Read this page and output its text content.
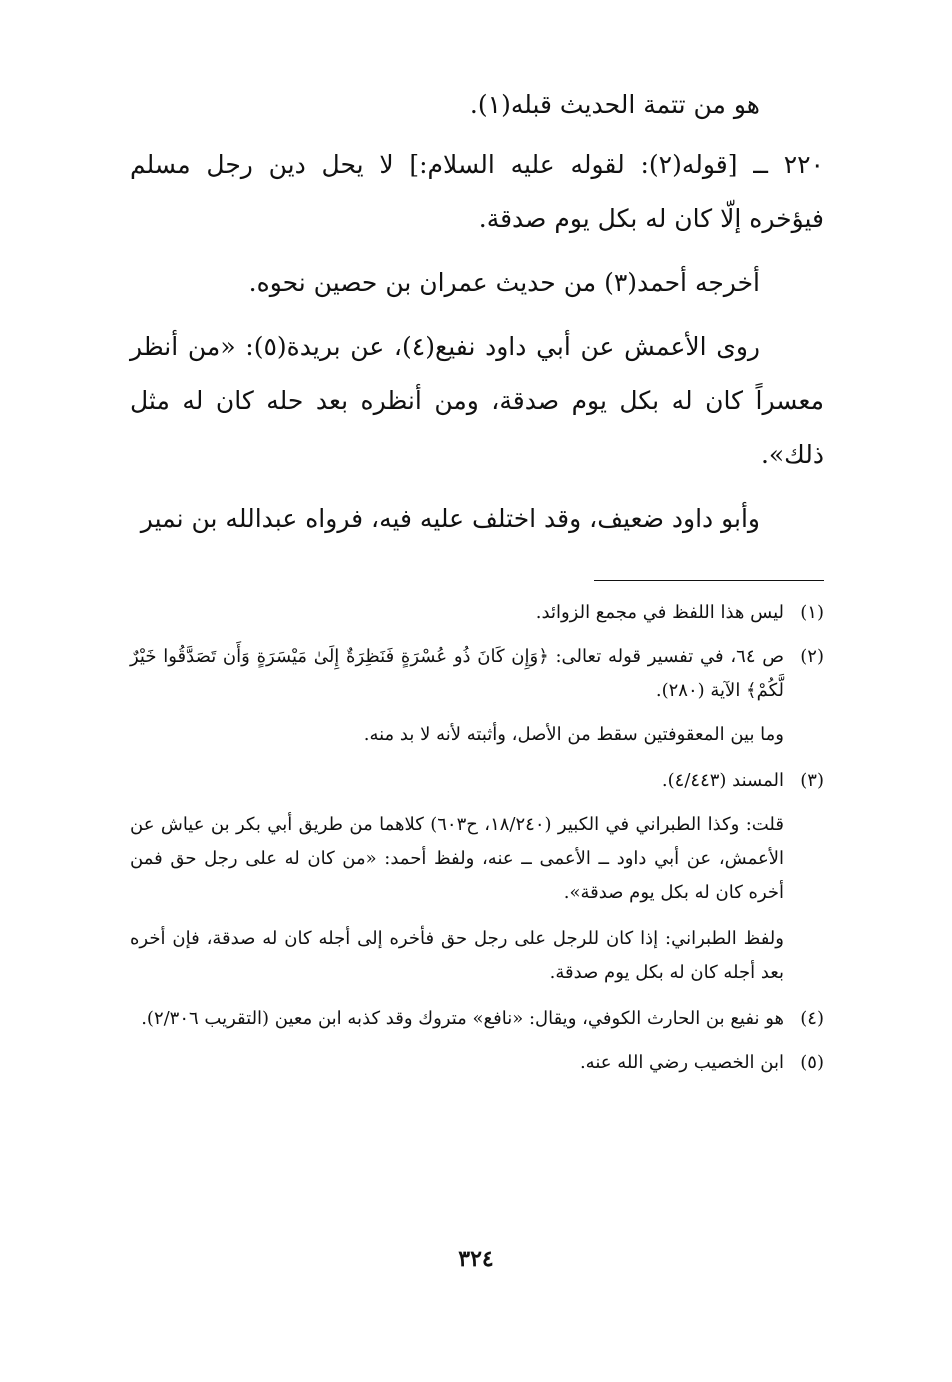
هو من تتمة الحديث قبله(١).

٢٢٠ ــ [قوله(٢): لقوله عليه السلام:] لا يحل دين رجل مسلم فيؤخره إلّا كان له بكل يوم صدقة.

أخرجه أحمد(٣) من حديث عمران بن حصين نحوه.

روى الأعمش عن أبي داود نفيع(٤)، عن بريدة(٥): «من أنظر معسراً كان له بكل يوم صدقة، ومن أنظره بعد حله كان له مثل ذلك».

وأبو داود ضعيف، وقد اختلف عليه فيه، فرواه عبدالله بن نمير

(١)
ليس هذا اللفظ في مجمع الزوائد.
(٢)
ص ٦٤، في تفسير قوله تعالى: ﴿وَإِن كَانَ ذُو عُسْرَةٍ فَنَظِرَةٌ إِلَىٰ مَيْسَرَةٍ وَأَن تَصَدَّقُوا خَيْرٌ لَّكُمْ﴾ الآية (٢٨٠).

وما بين المعقوفتين سقط من الأصل، وأثبته لأنه لا بد منه.

(٣)
المسند (٤/٤٤٣).

قلت: وكذا الطبراني في الكبير (١٨/٢٤٠، ح٦٠٣) كلاهما من طريق أبي بكر بن عياش عن الأعمش، عن أبي داود ــ الأعمى ــ عنه، ولفظ أحمد: «من كان له على رجل حق فمن أخره كان له بكل يوم صدقة».

ولفظ الطبراني: إذا كان للرجل على رجل حق فأخره إلى أجله كان له صدقة، فإن أخره بعد أجله كان له بكل يوم صدقة.

(٤)
هو نفيع بن الحارث الكوفي، ويقال: «نافع» متروك وقد كذبه ابن معين (التقريب ٢/٣٠٦).
(٥)
ابن الخصيب رضي الله عنه.
٣٢٤
